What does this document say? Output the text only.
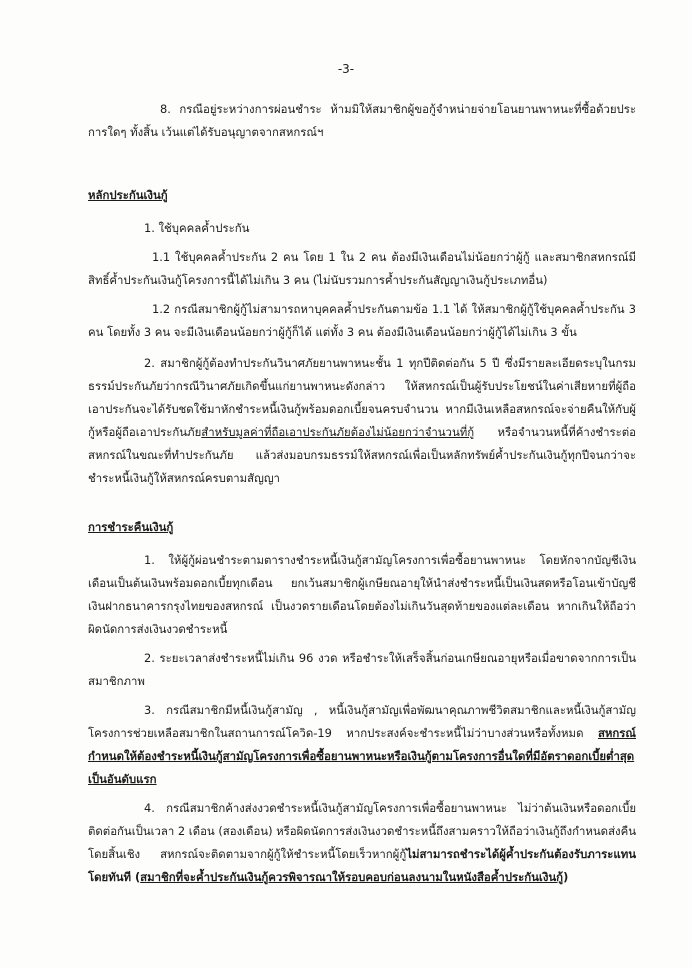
-3-

8. กรณีอยู่ระหว่างการผ่อนชำระ ห้ามมิให้สมาชิกผู้ขอกู้จำหน่ายจ่ายโอนยานพาหนะที่ซื้อด้วยประการใดๆ ทั้งสิ้น เว้นแต่ได้รับอนุญาตจากสหกรณ์ฯ

หลักประกันเงินกู้

1. ใช้บุคคลค้ำประกัน

1.1 ใช้บุคคลค้ำประกัน 2 คน โดย 1 ใน 2 คน ต้องมีเงินเดือนไม่น้อยกว่าผู้กู้ และสมาชิกสหกรณ์มีสิทธิ์ค้ำประกันเงินกู้โครงการนี้ได้ไม่เกิน 3 คน (ไม่นับรวมการค้ำประกันสัญญาเงินกู้ประเภทอื่น)

1.2 กรณีสมาชิกผู้กู้ไม่สามารถหาบุคคลค้ำประกันตามข้อ 1.1 ได้ ให้สมาชิกผู้กู้ใช้บุคคลค้ำประกัน 3 คน โดยทั้ง 3 คน จะมีเงินเดือนน้อยกว่าผู้กู้ก็ได้ แต่ทั้ง 3 คน ต้องมีเงินเดือนน้อยกว่าผู้กู้ได้ไม่เกิน 3 ขั้น

2. สมาชิกผู้กู้ต้องทำประกันวินาศภัยยานพาหนะชั้น 1 ทุกปีติดต่อกัน 5 ปี ซึ่งมีรายละเอียดระบุในกรมธรรม์ประกันภัยว่ากรณีวินาศภัยเกิดขึ้นแก่ยานพาหนะดังกล่าว ให้สหกรณ์เป็นผู้รับประโยชน์ในค่าเสียหายที่ผู้ถือเอาประกันจะได้รับชดใช้มาหักชำระหนี้เงินกู้พร้อมดอกเบี้ยจนครบจำนวน หากมีเงินเหลือสหกรณ์จะจ่ายคืนให้กับผู้กู้หรือผู้ถือเอาประกันภัยสำหรับมูลค่าที่ถือเอาประกันภัยต้องไม่น้อยกว่าจำนวนที่กู้ หรือจำนวนหนี้ที่ค้างชำระต่อสหกรณ์ในขณะที่ทำประกันภัย แล้วส่งมอบกรมธรรม์ให้สหกรณ์เพื่อเป็นหลักทรัพย์ค้ำประกันเงินกู้ทุกปีจนกว่าจะชำระหนี้เงินกู้ให้สหกรณ์ครบตามสัญญา

การชำระคืนเงินกู้

1. ให้ผู้กู้ผ่อนชำระตามตารางชำระหนี้เงินกู้สามัญโครงการเพื่อซื้อยานพาหนะ โดยหักจากบัญชีเงินเดือนเป็นต้นเงินพร้อมดอกเบี้ยทุกเดือน ยกเว้นสมาชิกผู้เกษียณอายุให้นำส่งชำระหนี้เป็นเงินสดหรือโอนเข้าบัญชีเงินฝากธนาคารกรุงไทยของสหกรณ์ เป็นงวดรายเดือนโดยต้องไม่เกินวันสุดท้ายของแต่ละเดือน หากเกินให้ถือว่าผิดนัดการส่งเงินงวดชำระหนี้

2. ระยะเวลาส่งชำระหนี้ไม่เกิน 96 งวด หรือชำระให้เสร็จสิ้นก่อนเกษียณอายุหรือเมื่อขาดจากการเป็นสมาชิกภาพ

3. กรณีสมาชิกมีหนี้เงินกู้สามัญ , หนี้เงินกู้สามัญเพื่อพัฒนาคุณภาพชีวิตสมาชิกและหนี้เงินกู้สามัญโครงการช่วยเหลือสมาชิกในสถานการณ์โควิด-19 หากประสงค์จะชำระหนี้ไม่ว่าบางส่วนหรือทั้งหมด สหกรณ์กำหนดให้ต้องชำระหนี้เงินกู้สามัญโครงการเพื่อซื้อยานพาหนะหรือเงินกู้ตามโครงการอื่นใดที่มีอัตราดอกเบี้ยต่ำสุดเป็นอันดับแรก

4. กรณีสมาชิกค้างส่งงวดชำระหนี้เงินกู้สามัญโครงการเพื่อซื้อยานพาหนะ ไม่ว่าต้นเงินหรือดอกเบี้ยติดต่อกันเป็นเวลา 2 เดือน (สองเดือน) หรือผิดนัดการส่งเงินงวดชำระหนี้ถึงสามคราวให้ถือว่าเงินกู้ถึงกำหนดส่งคืนโดยสิ้นเชิง สหกรณ์จะติดตามจากผู้กู้ให้ชำระหนี้โดยเร็วหากผู้กู้ไม่สามารถชำระได้ผู้ค้ำประกันต้องรับภาระแทนโดยทันที (สมาชิกที่จะค้ำประกันเงินกู้ควรพิจารณาให้รอบคอบก่อนลงนามในหนังสือค้ำประกันเงินกู้)
